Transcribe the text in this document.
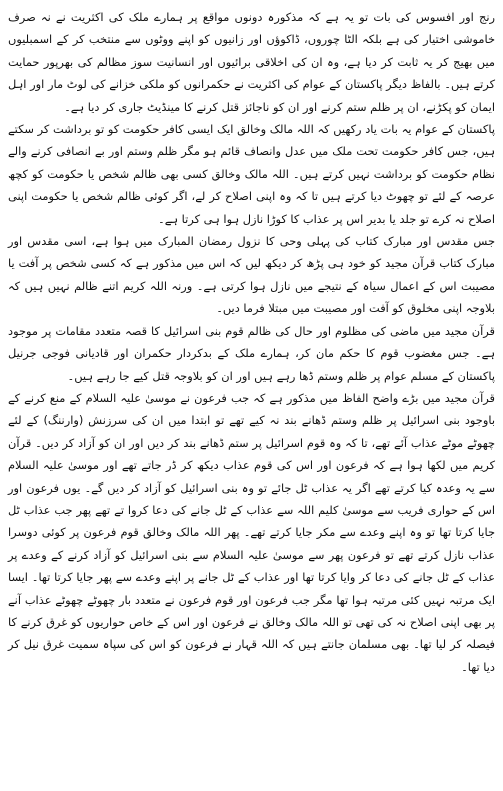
رنج اور افسوس کی بات تو یہ ہے کہ مذکورہ دونوں مواقع پر ہمارے ملک کی اکثریت نے نہ صرف خاموشی اختیار کی ہے بلکہ الٹا چوروں، ڈاکوؤں اور زانیوں کو اپنے ووٹوں سے منتخب کر کے اسمبلیوں میں بھیج کر یہ ثابت کر دیا ہے، وہ ان کی اخلاقی برائیوں اور انسانیت سوز مظالم کی بھرپور حمایت کرتے ہیں۔ بالفاظ دیگر پاکستان کے عوام کی اکثریت نے حکمرانوں کو ملکی خزانے کی لوٹ مار اور اہل ایمان کو پکڑنے، ان پر ظلم ستم کرنے اور ان کو ناجائز قتل کرنے کا مینڈیٹ جاری کر دیا ہے۔

پاکستان کے عوام یہ بات یاد رکھیں کہ اللہ مالک وخالق ایک ایسی کافر حکومت کو تو برداشت کر سکتے ہیں، جس کافر حکومت تحت ملک میں عدل وانصاف قائم ہو مگر ظلم وستم اور بے انصافی کرنے والے نظام حکومت کو برداشت نہیں کرتے ہیں۔ اللہ مالک وخالق کسی بھی ظالم شخص یا حکومت کو کچھ عرصہ کے لئے تو چھوٹ دیا کرتے ہیں تا کہ وہ اپنی اصلاح کر لے، اگر کوئی ظالم شخص یا حکومت اپنی اصلاح نہ کرے تو جلد یا بدیر اس پر عذاب کا کوڑا نازل ہوا ہی کرتا ہے۔

جس مقدس اور مبارک کتاب کی پہلی وحی کا نزول رمضان المبارک میں ہوا ہے، اسی مقدس اور مبارک کتاب قرآن مجید کو خود ہی پڑھ کر دیکھ لیں کہ اس میں مذکور ہے کہ کسی شخص پر آفت یا مصیبت اس کے اعمال سیاہ کے نتیجے میں نازل ہوا کرتی ہے۔ ورنہ اللہ کریم اتنے ظالم نہیں ہیں کہ بلاوجہ اپنی مخلوق کو آفت اور مصیبت میں مبتلا فرما دیں۔

قرآن مجید میں ماضی کی مظلوم اور حال کی ظالم قوم بنی اسرائیل کا قصہ متعدد مقامات پر موجود ہے۔ جس مغضوب قوم کا حکم مان کر، ہمارے ملک کے بدکردار حکمران اور قادیانی فوجی جرنیل پاکستان کے مسلم عوام پر ظلم وستم ڈھا رہے ہیں اور ان کو بلاوجہ قتل کیے جا رہے ہیں۔

قرآن مجید میں بڑے واضح الفاظ میں مذکور ہے کہ جب فرعون نے موسیٰ علیہ السلام کے منع کرنے کے باوجود بنی اسرائیل پر ظلم وستم ڈھانے بند نہ کیے تھے تو ابتدا میں ان کی سرزنش (وارننگ) کے لئے چھوٹے موٹے عذاب آئے تھے، تا کہ وہ قوم اسرائیل پر ستم ڈھانے بند کر دیں اور ان کو آزاد کر دیں۔ قرآن کریم میں لکھا ہوا ہے کہ فرعون اور اس کی قوم عذاب دیکھ کر ڈر جاتے تھے اور موسیٰ علیہ السلام سے یہ وعدہ کیا کرتے تھے اگر یہ عذاب ٹل جائے تو وہ بنی اسرائیل کو آزاد کر دیں گے۔ یوں فرعون اور اس کے حواری فریب سے موسیٰ کلیم اللہ سے عذاب کے ٹل جانے کی دعا کروا تے تھے پھر جب عذاب ٹل جایا کرتا تھا تو وہ اپنے وعدے سے مکر جایا کرتے تھے۔ پھر اللہ مالک وخالق قوم فرعون پر کوئی دوسرا عذاب نازل کرتے تھے تو فرعون پھر سے موسیٰ علیہ السلام سے بنی اسرائیل کو آزاد کرنے کے وعدے پر عذاب کے ٹل جانے کی دعا کر وایا کرتا تھا اور عذاب کے ٹل جانے پر اپنے وعدے سے پھر جایا کرتا تھا۔ ایسا ایک مرتبہ نہیں کئی مرتبہ ہوا تھا مگر جب فرعون اور قوم فرعون نے متعدد بار چھوٹے چھوٹے عذاب آنے پر بھی اپنی اصلاح نہ کی تھی تو اللہ مالک وخالق نے فرعون اور اس کے خاص حواریوں کو غرق کرنے کا فیصلہ کر لیا تھا۔ بھی مسلمان جانتے ہیں کہ اللہ قہار نے فرعون کو اس کی سپاہ سمیت غرق نیل کر دیا تھا۔
